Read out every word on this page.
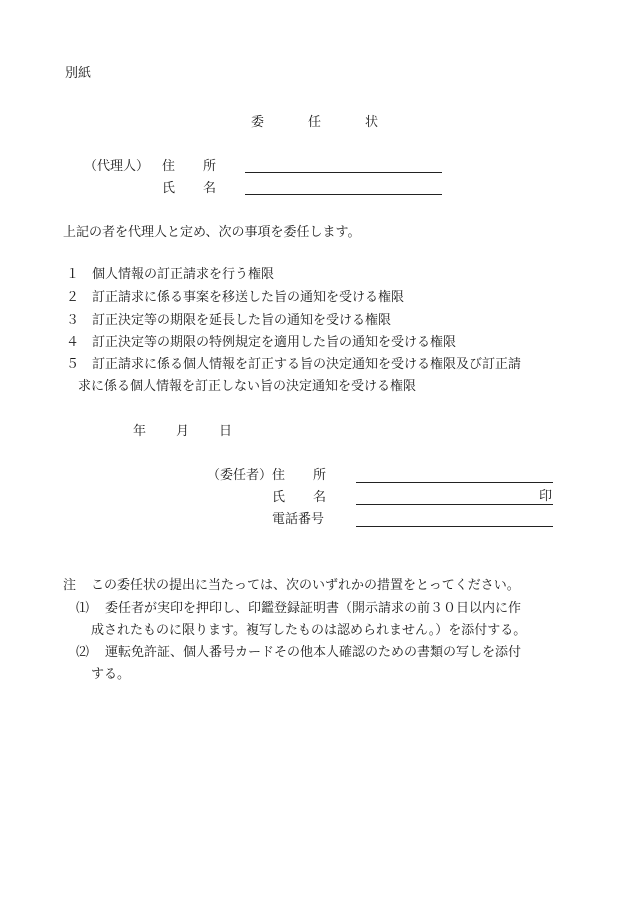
別紙
委	任	状
（代理人） 住 所
氏 名
上記の者を代理人と定め、次の事項を委任します。
１ 個人情報の訂正請求を行う権限
２ 訂正請求に係る事案を移送した旨の通知を受ける権限
３ 訂正決定等の期限を延長した旨の通知を受ける権限
４ 訂正決定等の期限の特例規定を適用した旨の通知を受ける権限
５ 訂正請求に係る個人情報を訂正する旨の決定通知を受ける権限及び訂正請
求に係る個人情報を訂正しない旨の決定通知を受ける権限
年 月 日
（委任者） 住 所
氏 名	印
電話番号
注 この委任状の提出に当たっては、次のいずれかの措置をとってください。
⑴ 委任者が実印を押印し、印鑑登録証明書（開示請求の前３０日以内に作
成されたものに限ります。複写したものは認められません。）を添付する。
⑵ 運転免許証、個人番号カードその他本人確認のための書類の写しを添付
する。
